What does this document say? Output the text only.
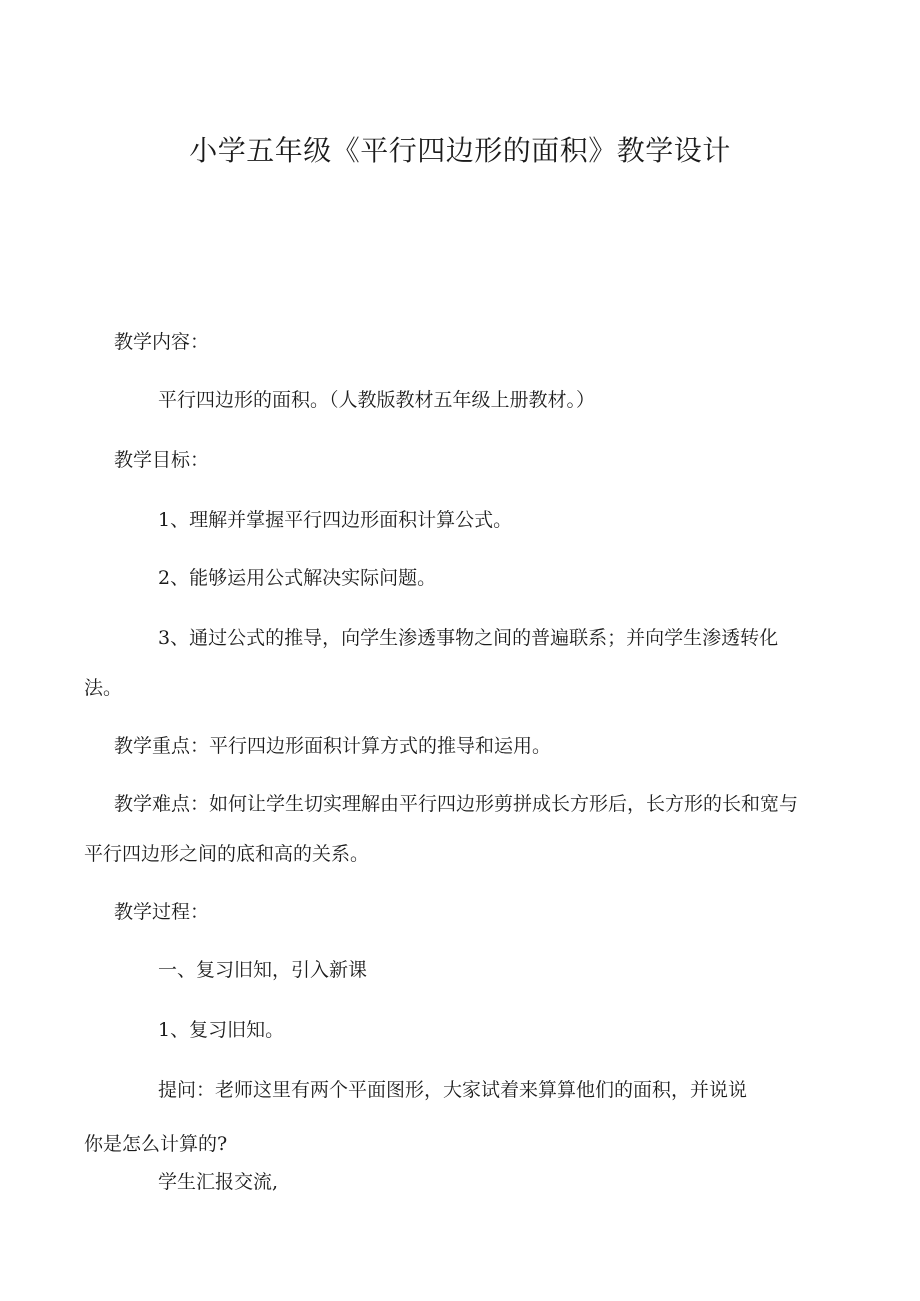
小学五年级《平行四边形的面积》教学设计
教学内容：
平行四边形的面积。（人教版教材五年级上册教材。）
教学目标：
1、理解并掌握平行四边形面积计算公式。
2、能够运用公式解决实际问题。
3、通过公式的推导，向学生渗透事物之间的普遍联系；并向学生渗透转化
法。
教学重点：平行四边形面积计算方式的推导和运用。
教学难点：如何让学生切实理解由平行四边形剪拼成长方形后，长方形的长和宽与
平行四边形之间的底和高的关系。
教学过程：
一、复习旧知，引入新课
1、复习旧知。
提问：老师这里有两个平面图形，大家试着来算算他们的面积，并说说
你是怎么计算的?
学生汇报交流,
